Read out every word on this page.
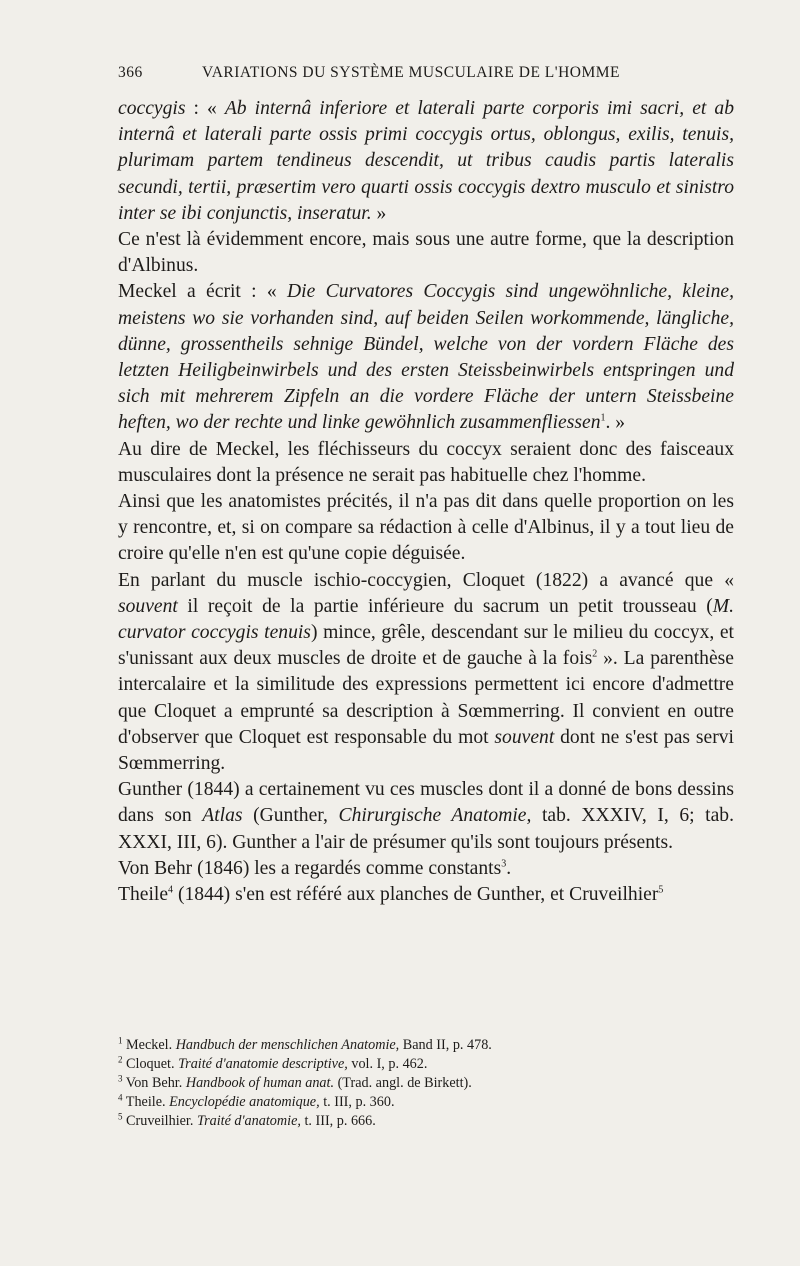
366	VARIATIONS DU SYSTÈME MUSCULAIRE DE L'HOMME

coccygis : « Ab internâ inferiore et laterali parte corporis imi sacri, et ab internâ et laterali parte ossis primi coccygis ortus, oblongus, exilis, tenuis, plurimam partem tendineus descendit, ut tribus caudis partis lateralis secundi, tertii, præsertim vero quarti ossis coccygis dextro musculo et sinistro inter se ibi conjunctis, inseratur. »

Ce n'est là évidemment encore, mais sous une autre forme, que la description d'Albinus.

Meckel a écrit : « Die Curvatores Coccygis sind ungewöhnliche, kleine, meistens wo sie vorhanden sind, auf beiden Seilen workommende, längliche, dünne, grossentheils sehnige Bündel, welche von der vordern Fläche des letzten Heiligbeinwirbels und des ersten Steissbeinwirbels entspringen und sich mit mehrerem Zipfeln an die vordere Fläche der untern Steissbeine heften, wo der rechte und linke gewöhnlich zusammenfliessen$^1$. »

Au dire de Meckel, les fléchisseurs du coccyx seraient donc des faisceaux musculaires dont la présence ne serait pas habituelle chez l'homme.

Ainsi que les anatomistes précités, il n'a pas dit dans quelle proportion on les y rencontre, et, si on compare sa rédaction à celle d'Albinus, il y a tout lieu de croire qu'elle n'en est qu'une copie déguisée.

En parlant du muscle ischio-coccygien, Cloquet (1822) a avancé que « souvent il reçoit de la partie inférieure du sacrum un petit trousseau (M. curvator coccygis tenuis) mince, grêle, descendant sur le milieu du coccyx, et s'unissant aux deux muscles de droite et de gauche à la fois$^2$ ». La parenthèse intercalaire et la similitude des expressions permettent ici encore d'admettre que Cloquet a emprunté sa description à Sœmmerring. Il convient en outre d'observer que Cloquet est responsable du mot souvent dont ne s'est pas servi Sœmmerring.

Gunther (1844) a certainement vu ces muscles dont il a donné de bons dessins dans son Atlas (Gunther, Chirurgische Anatomie, tab. XXXIV, I, 6; tab. XXXI, III, 6). Gunther a l'air de présumer qu'ils sont toujours présents.

Von Behr (1846) les a regardés comme constants$^3$.

Theile$^4$ (1844) s'en est référé aux planches de Gunther, et Cruveilhier$^5$

$^1$ Meckel. Handbuch der menschlichen Anatomie, Band II, p. 478.
$^2$ Cloquet. Traité d'anatomie descriptive, vol. I, p. 462.
$^3$ Von Behr. Handbook of human anat. (Trad. angl. de Birkett).
$^4$ Theile. Encyclopédie anatomique, t. III, p. 360.
$^5$ Cruveilhier. Traité d'anatomie, t. III, p. 666.
